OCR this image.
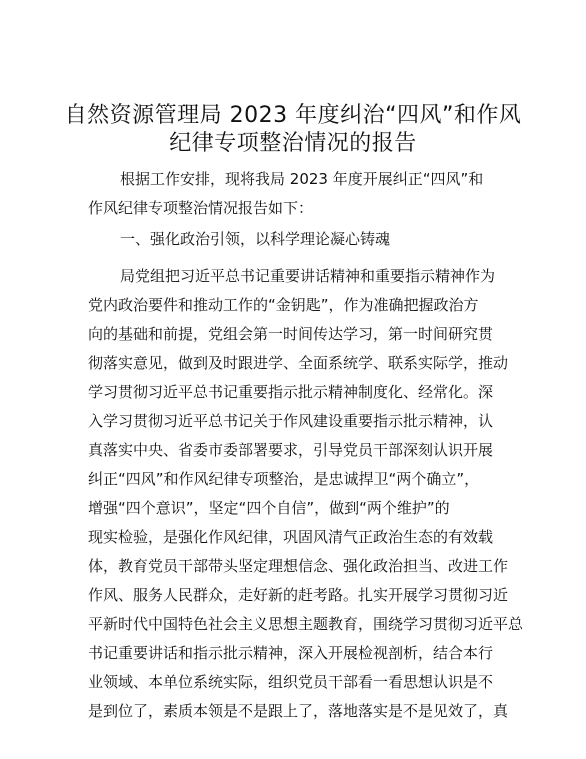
自然资源管理局 2023 年度纠治“四风”和作风
纪律专项整治情况的报告
根据工作安排，现将我局 2023 年度开展纠正“四风”和
作风纪律专项整治情况报告如下：
一、强化政治引领，以科学理论凝心铸魂
局党组把习近平总书记重要讲话精神和重要指示精神作为
党内政治要件和推动工作的“金钥匙”，作为准确把握政治方
向的基础和前提，党组会第一时间传达学习，第一时间研究贯
彻落实意见，做到及时跟进学、全面系统学、联系实际学，推动
学习贯彻习近平总书记重要指示批示精神制度化、经常化。深
入学习贯彻习近平总书记关于作风建设重要指示批示精神，认
真落实中央、省委市委部署要求，引导党员干部深刻认识开展
纠正“四风”和作风纪律专项整治，是忠诚捍卫“两个确立”，
增强“四个意识”，坚定“四个自信”，做到“两个维护”的
现实检验，是强化作风纪律，巩固风清气正政治生态的有效载
体，教育党员干部带头坚定理想信念、强化政治担当、改进工作
作风、服务人民群众，走好新的赶考路。扎实开展学习贯彻习近
平新时代中国特色社会主义思想主题教育，围绕学习贯彻习近平总
书记重要讲话和指示批示精神，深入开展检视剖析，结合本行
业领域、本单位系统实际，组织党员干部看一看思想认识是不
是到位了，素质本领是不是跟上了，落地落实是不是见效了，真
